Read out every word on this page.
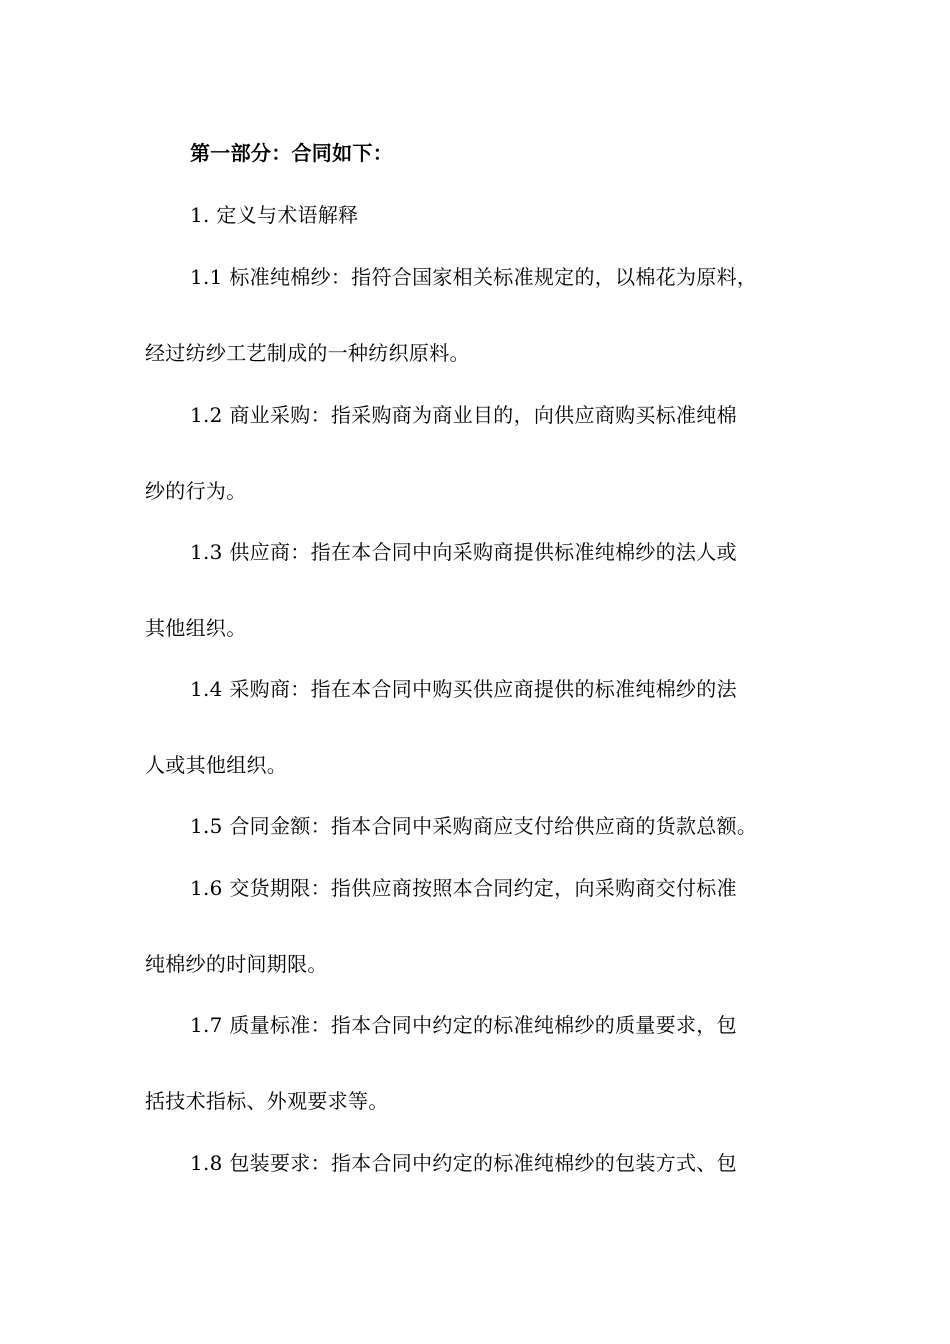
第一部分：合同如下：
1. 定义与术语解释
1.1 标准纯棉纱：指符合国家相关标准规定的，以棉花为原料，
经过纺纱工艺制成的一种纺织原料。
1.2 商业采购：指采购商为商业目的，向供应商购买标准纯棉
纱的行为。
1.3 供应商：指在本合同中向采购商提供标准纯棉纱的法人或
其他组织。
1.4 采购商：指在本合同中购买供应商提供的标准纯棉纱的法
人或其他组织。
1.5 合同金额：指本合同中采购商应支付给供应商的货款总额。
1.6 交货期限：指供应商按照本合同约定，向采购商交付标准
纯棉纱的时间期限。
1.7 质量标准：指本合同中约定的标准纯棉纱的质量要求，包
括技术指标、外观要求等。
1.8 包装要求：指本合同中约定的标准纯棉纱的包装方式、包
